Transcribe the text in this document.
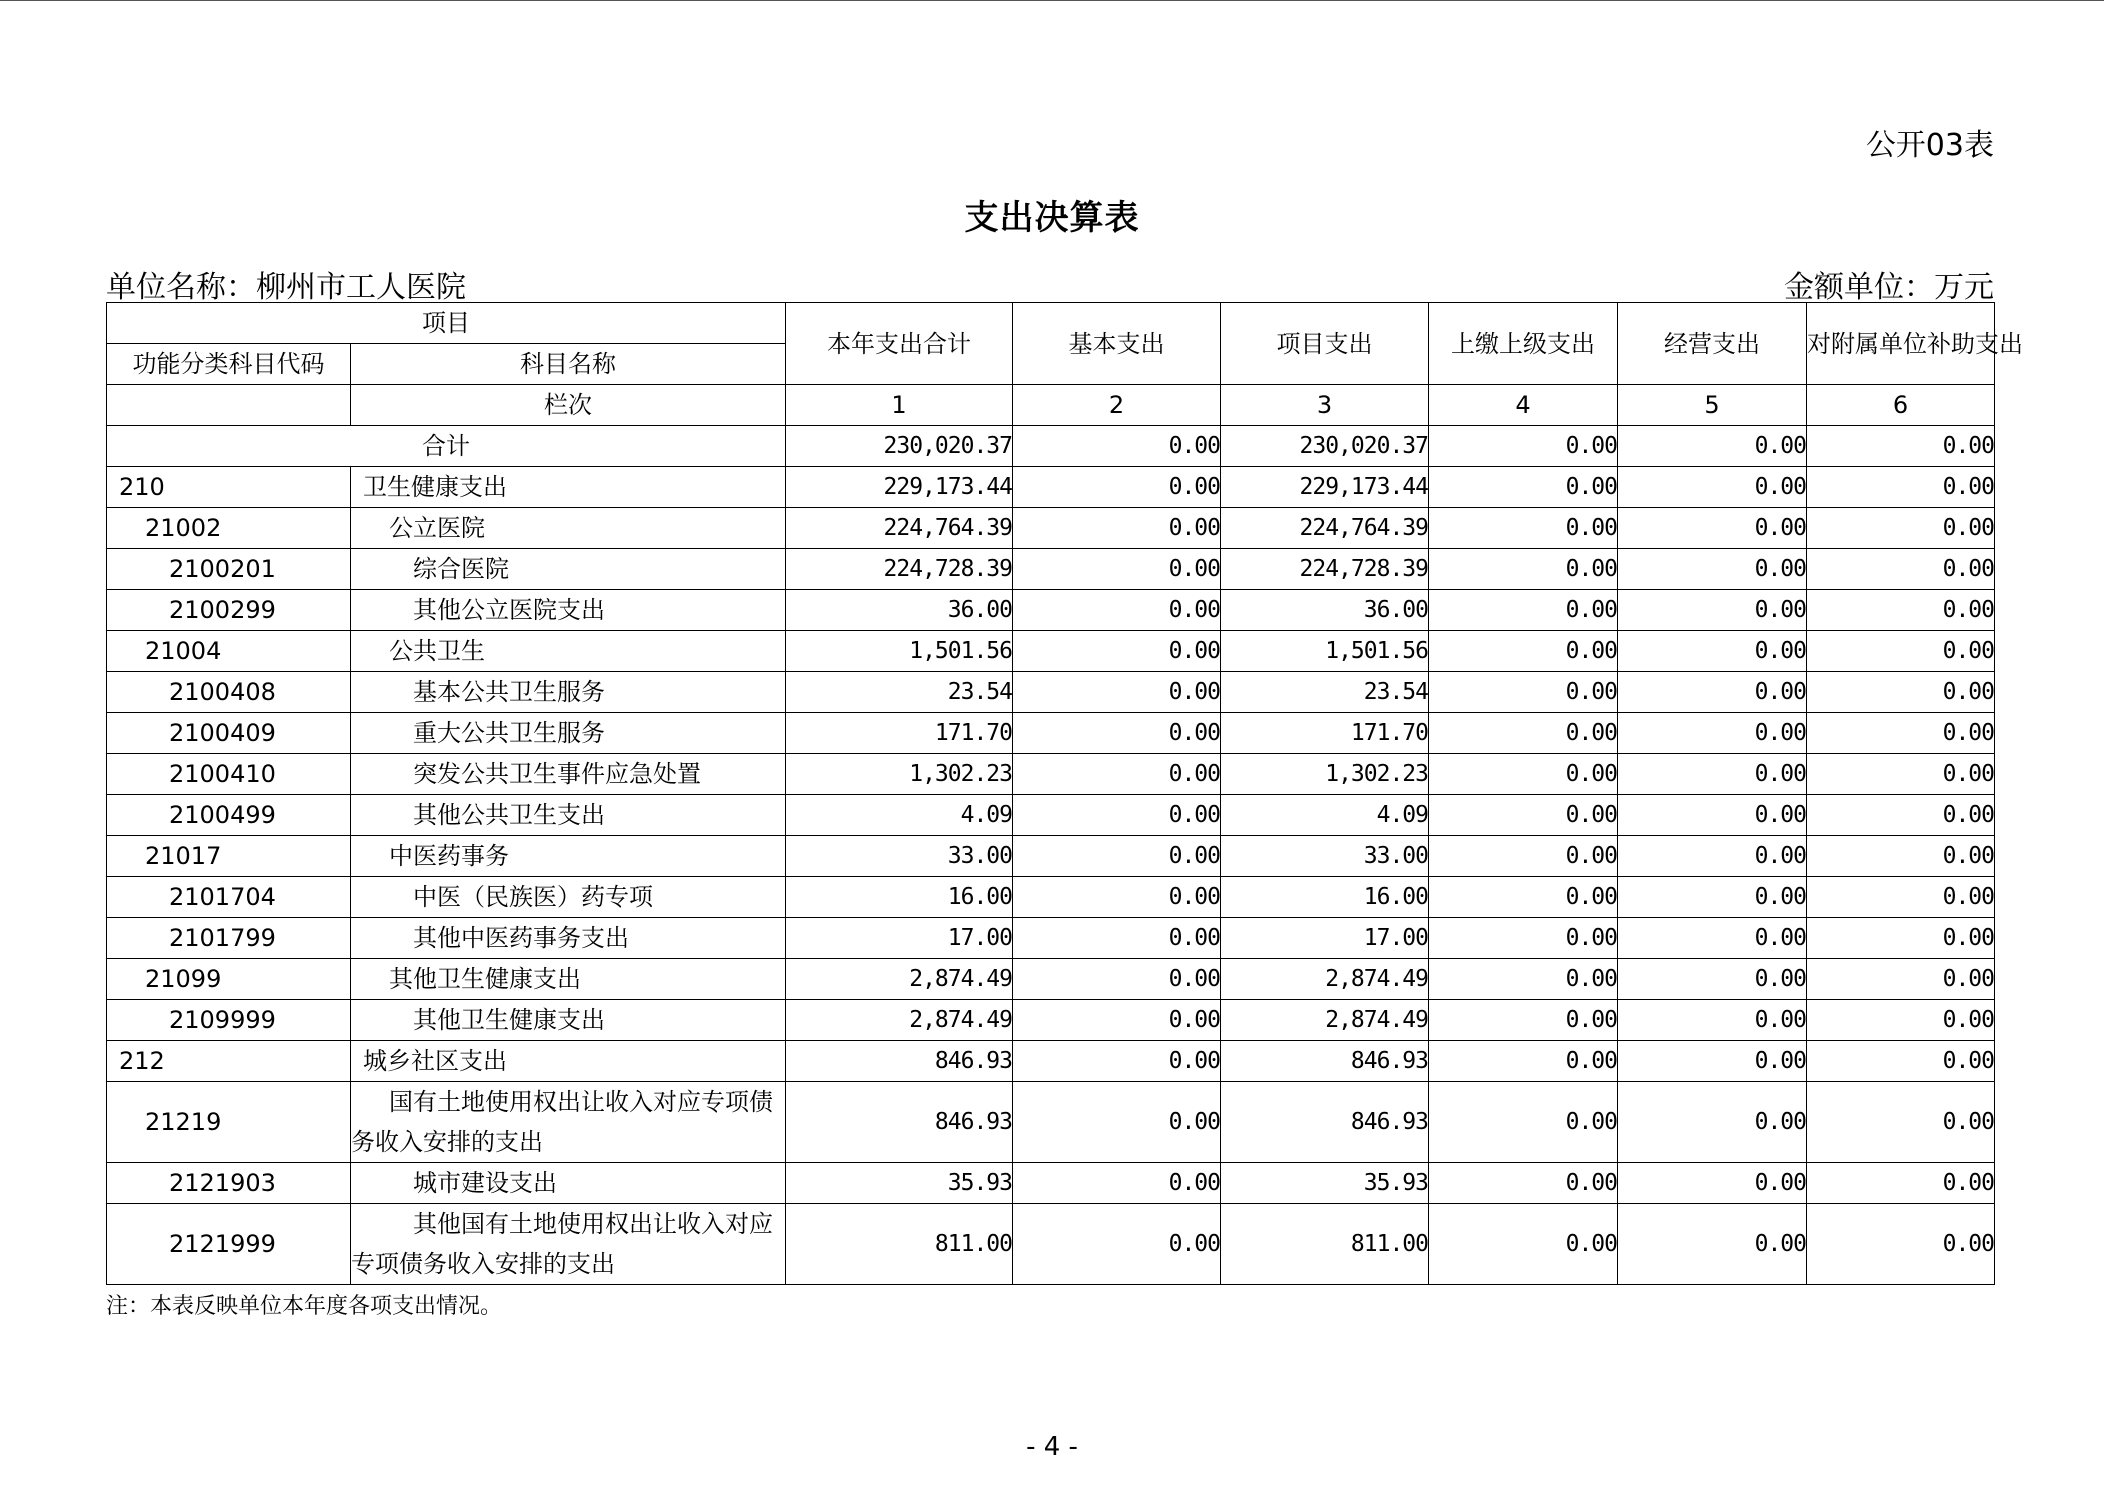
公开03表
支出决算表
单位名称：柳州市工人医院	金额单位：万元
项目		本年支出合计	基本支出	项目支出	上缴上级支出	经营支出	对附属单位补助支出
功能分类科目代码	科目名称						
	栏次	1	2	3	4	5	6
合计		230,020.37	0.00	230,020.37	0.00	0.00	0.00
210	卫生健康支出	229,173.44	0.00	229,173.44	0.00	0.00	0.00
21002	公立医院	224,764.39	0.00	224,764.39	0.00	0.00	0.00
2100201	综合医院	224,728.39	0.00	224,728.39	0.00	0.00	0.00
2100299	其他公立医院支出	36.00	0.00	36.00	0.00	0.00	0.00
21004	公共卫生	1,501.56	0.00	1,501.56	0.00	0.00	0.00
2100408	基本公共卫生服务	23.54	0.00	23.54	0.00	0.00	0.00
2100409	重大公共卫生服务	171.70	0.00	171.70	0.00	0.00	0.00
2100410	突发公共卫生事件应急处置	1,302.23	0.00	1,302.23	0.00	0.00	0.00
2100499	其他公共卫生支出	4.09	0.00	4.09	0.00	0.00	0.00
21017	中医药事务	33.00	0.00	33.00	0.00	0.00	0.00
2101704	中医（民族医）药专项	16.00	0.00	16.00	0.00	0.00	0.00
2101799	其他中医药事务支出	17.00	0.00	17.00	0.00	0.00	0.00
21099	其他卫生健康支出	2,874.49	0.00	2,874.49	0.00	0.00	0.00
2109999	其他卫生健康支出	2,874.49	0.00	2,874.49	0.00	0.00	0.00
212	城乡社区支出	846.93	0.00	846.93	0.00	0.00	0.00
21219	国有土地使用权出让收入对应专项债务收入安排的支出	846.93	0.00	846.93	0.00	0.00	0.00
2121903	城市建设支出	35.93	0.00	35.93	0.00	0.00	0.00
2121999	其他国有土地使用权出让收入对应专项债务收入安排的支出	811.00	0.00	811.00	0.00	0.00	0.00
注：本表反映单位本年度各项支出情况。
- 4 -
